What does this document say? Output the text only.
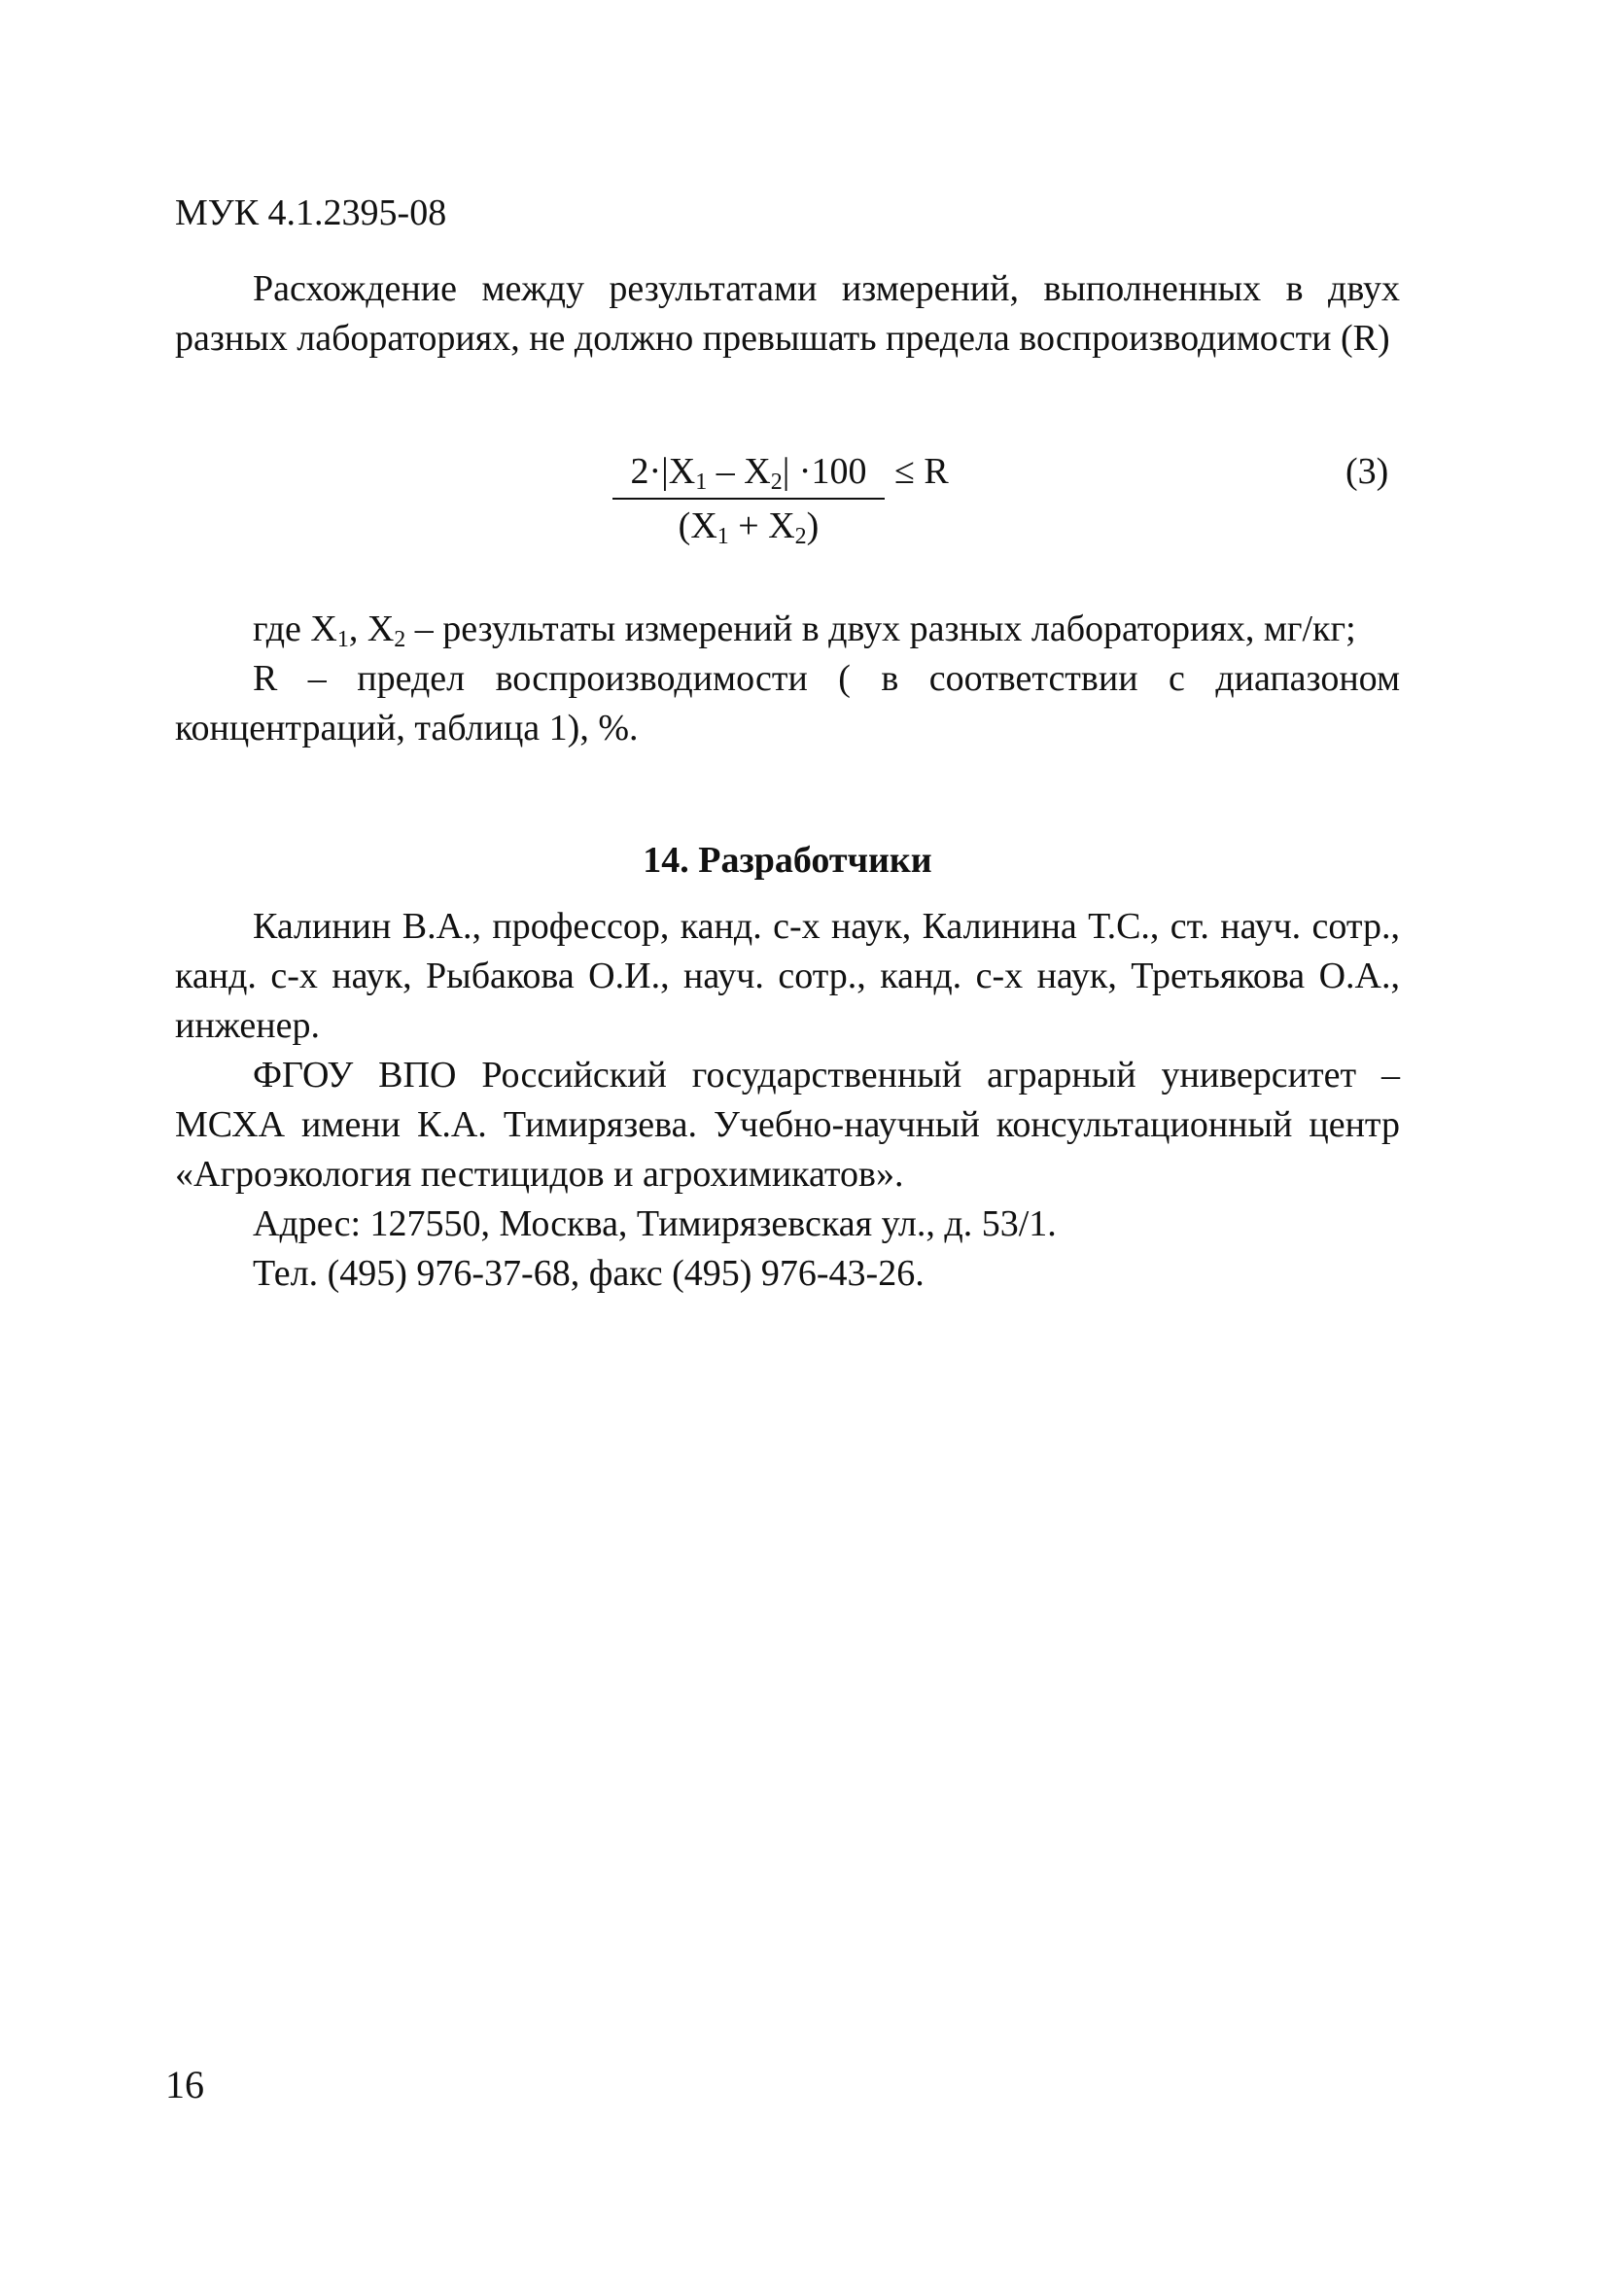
МУК 4.1.2395-08

Расхождение между результатами измерений, выполненных в двух разных лабораториях, не должно превышать предела воспроизводимости (R)

$2\cdot|X_1 - X_2| \cdot 100$
$(X_1 + X_2)$
≤ R	(3)

где $X_1$, $X_2$ – результаты измерений в двух разных лабораториях, мг/кг;

R – предел воспроизводимости ( в соответствии с диапазоном концентраций, таблица 1), %.

14. Разработчики

Калинин В.А., профессор, канд. с-х наук, Калинина Т.С., ст. науч. сотр., канд. с-х наук, Рыбакова О.И., науч. сотр., канд. с-х наук, Третьякова О.А., инженер.

ФГОУ ВПО Российский государственный аграрный университет – МСХА имени К.А. Тимирязева. Учебно-научный консультационный центр «Агроэкология пестицидов и агрохимикатов».

Адрес: 127550, Москва, Тимирязевская ул., д. 53/1.

Тел. (495) 976-37-68, факс (495) 976-43-26.

16
